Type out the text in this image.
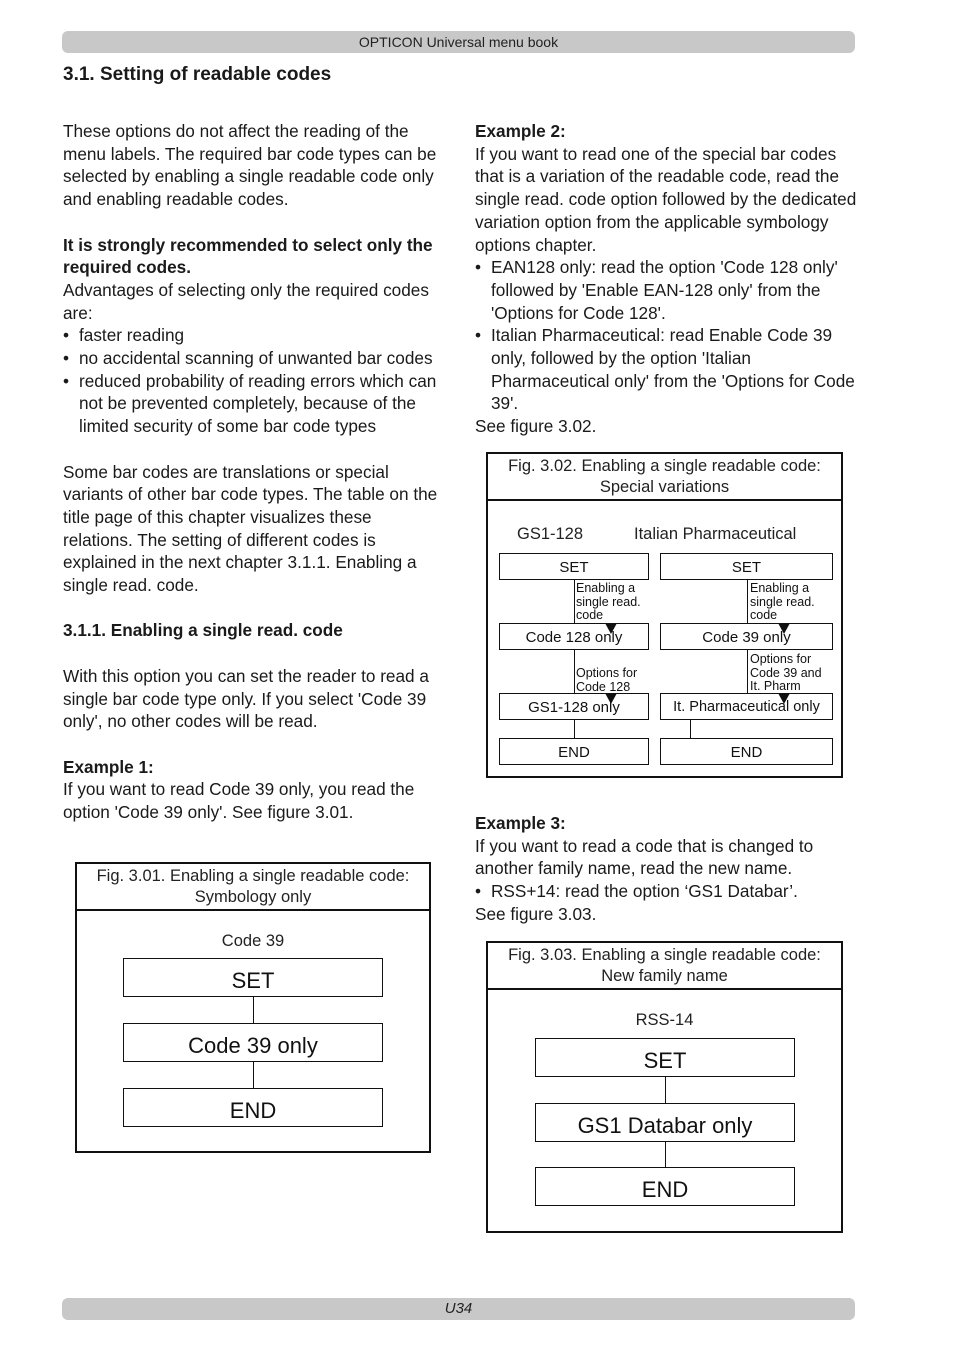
OPTICON Universal menu book
U34
3.1. Setting of readable codes

These options do not affect the reading of the menu labels. The required bar code types can be selected by enabling a single readable code only and enabling readable codes.

It is strongly recommended to select only the required codes.

Advantages of selecting only the required codes are:

• faster reading
• no accidental scanning of unwanted bar codes
• reduced probability of reading errors which can not be prevented completely, because of the limited security of some bar code types

Some bar codes are translations or special variants of other bar code types. The table on the title page of this chapter visualizes these relations. The setting of different codes is explained in the next chapter 3.1.1. Enabling a single read. code.

3.1.1. Enabling a single read. code

With this option you can set the reader to read a single bar code type only. If you select 'Code 39 only', no other codes will be read.

Example 1:

If you want to read Code 39 only, you read the option 'Code 39 only'. See figure 3.01.

Example 2:

If you want to read one of the special bar codes that is a variation of the readable code, read the single read. code option followed by the dedicated variation option from the applicable symbology options chapter.

• EAN128 only: read the option 'Code 128 only' followed by 'Enable EAN-128 only' from the 'Options for Code 128'.
• Italian Pharmaceutical: read Enable Code 39 only, followed by the option 'Italian Pharmaceutical only' from the 'Options for Code 39'.

See figure 3.02.

Example 3:

If you want to read a code that is changed to another family name, read the new name.

• RSS+14: read the option ‘GS1 Databar’.

See figure 3.03.

Fig. 3.01. Enabling a single readable code:
Symbology only
Code 39
SET
Code 39 only
END
Fig. 3.02. Enabling a single readable code:
Special variations
GS1-128
SET
Enabling a
single read.
code
Code 128 only
Options for
Code 128
GS1-128 only
END
Italian Pharmaceutical
SET
Enabling a
single read.
code
Code 39 only
Options for
Code 39 and
It. Pharm
It. Pharmaceutical only
END
Fig. 3.03. Enabling a single readable code:
New family name
RSS-14
SET
GS1 Databar only
END
